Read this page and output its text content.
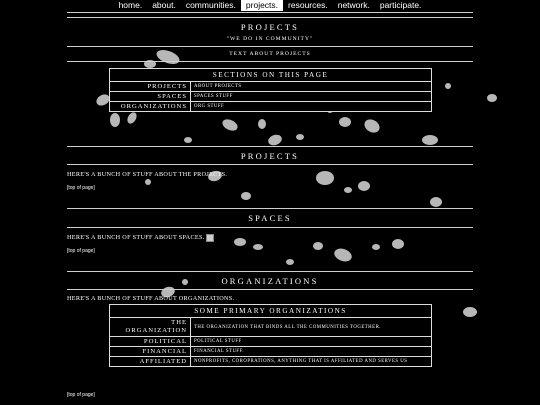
home.	about.	communities.	projects.	resources.	network.	participate.
PROJECTS
"WE DO IN COMMUNITY"
TEXT ABOUT PROJECTS
SECTIONS ON THIS PAGE	
PROJECTS	ABOUT PROJECTS
SPACES	SPACES STUFF
ORGANIZATIONS	ORG STUFF
PROJECTS
HERE'S A BUNCH OF STUFF ABOUT THE PROJECTS.
[top of page]
SPACES
HERE'S A BUNCH OF STUFF ABOUT SPACES.
[top of page]
ORGANIZATIONS
HERE'S A BUNCH OF STUFF ABOUT ORGANIZATIONS.
SOME PRIMARY ORGANIZATIONS	
THE ORGANIZATION	THE ORGANIZATION THAT BINDS ALL THE COMMUNITIES TOGETHER.
POLITICAL	POLITICAL STUFF
FINANCIAL	FINANCIAL STUFF.
AFFILIATED	NONPROFITS, COROPRATIONS, ANYTHING THAT IS AFFILIATED AND SERVES US
[top of page]
